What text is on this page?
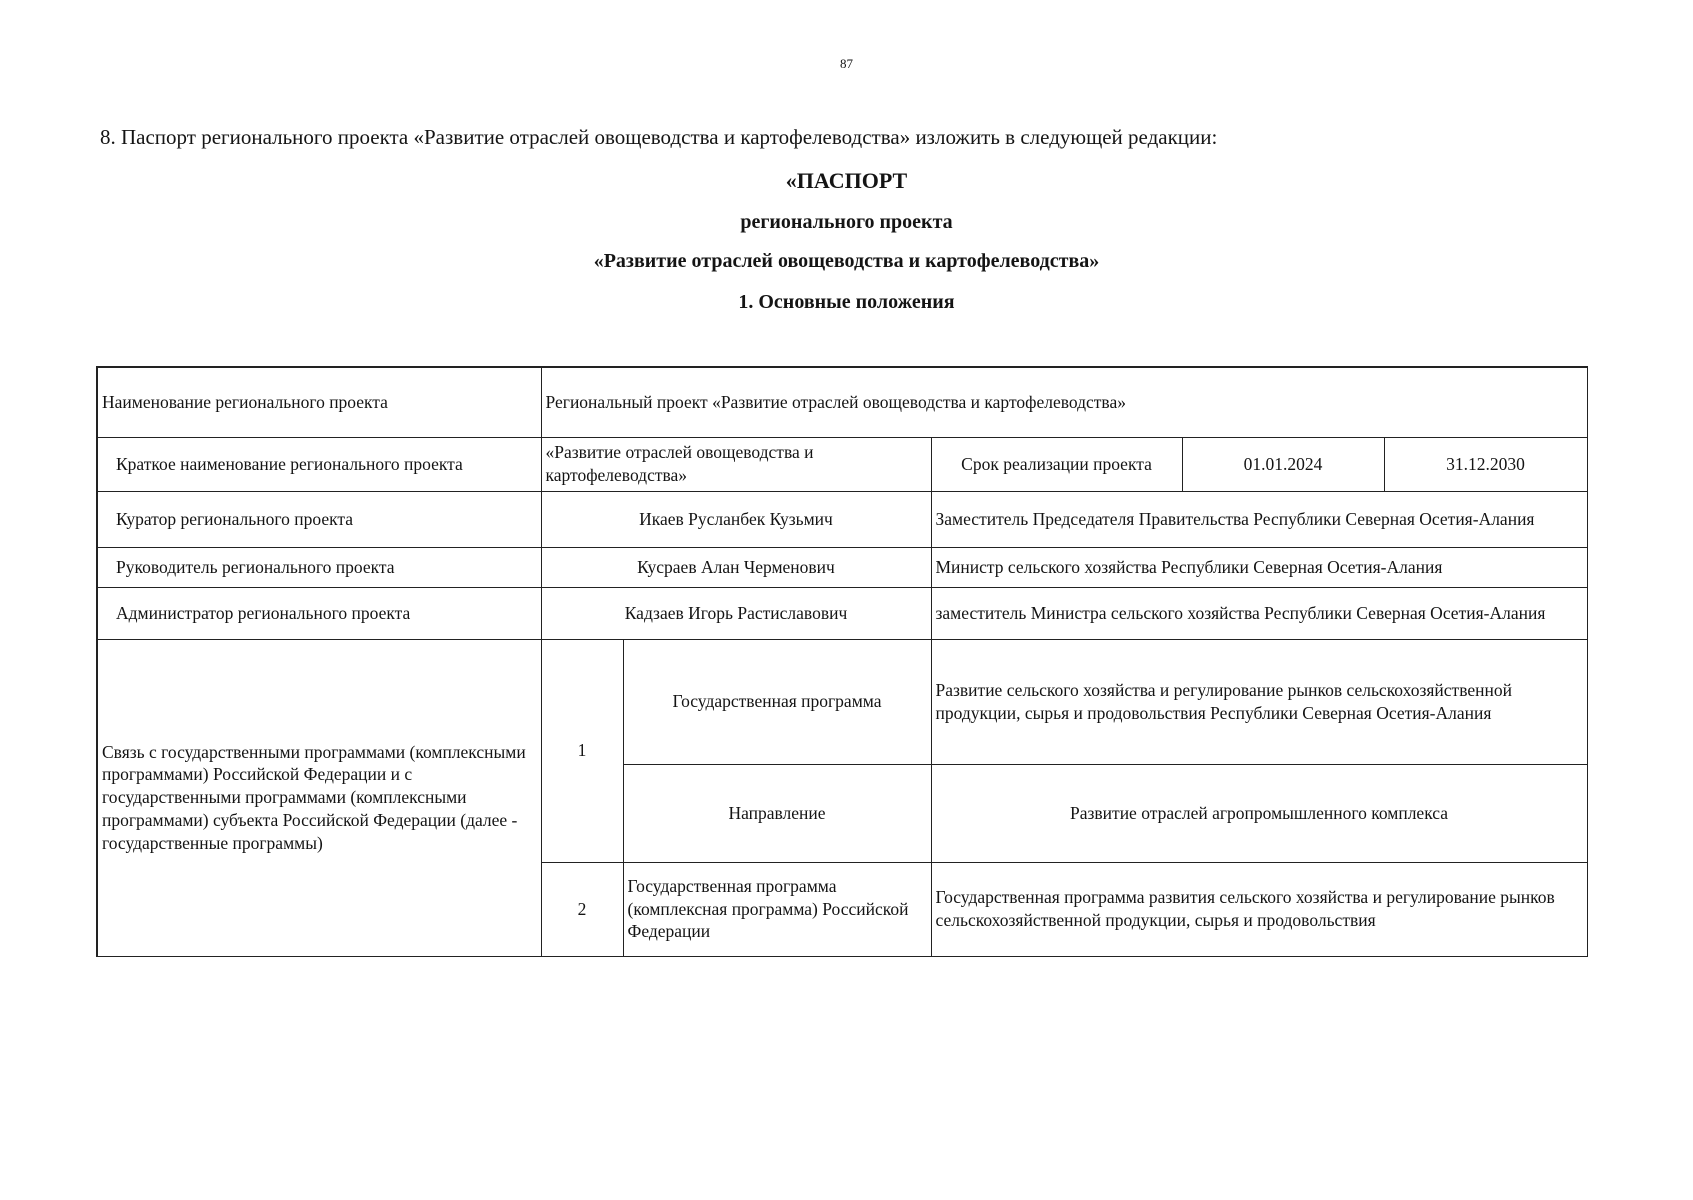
87
8. Паспорт регионального проекта «Развитие отраслей овощеводства и картофелеводства» изложить в следующей редакции:
«ПАСПОРТ
регионального проекта
«Развитие отраслей овощеводства и картофелеводства»
1. Основные положения
Наименование регионального проекта	Региональный проект «Развитие отраслей овощеводства и картофелеводства»				
Краткое наименование регионального проекта	«Развитие отраслей овощеводства и картофелеводства»		Срок реализации проекта	01.01.2024	31.12.2030
Куратор регионального проекта	Икаев Русланбек Кузьмич		Заместитель Председателя Правительства Республики Северная Осетия-Алания		
Руководитель регионального проекта	Кусраев Алан Черменович		Министр сельского хозяйства Республики Северная Осетия-Алания		
Администратор регионального проекта	Кадзаев Игорь Растиславович		заместитель Министра сельского хозяйства Республики Северная Осетия-Алания		
Связь с государственными программами (комплексными программами) Российской Федерации и с государственными программами (комплексными программами) субъекта Российской Федерации (далее - государственные программы)	1	Государственная программа	Развитие сельского хозяйства и регулирование рынков сельскохозяйственной продукции, сырья и продовольствия Республики Северная Осетия-Алания		
		Направление	Развитие отраслей агропромышленного комплекса		
	2	Государственная программа (комплексная программа) Российской Федерации	Государственная программа развития сельского хозяйства и регулирование рынков сельскохозяйственной продукции, сырья и продовольствия		
